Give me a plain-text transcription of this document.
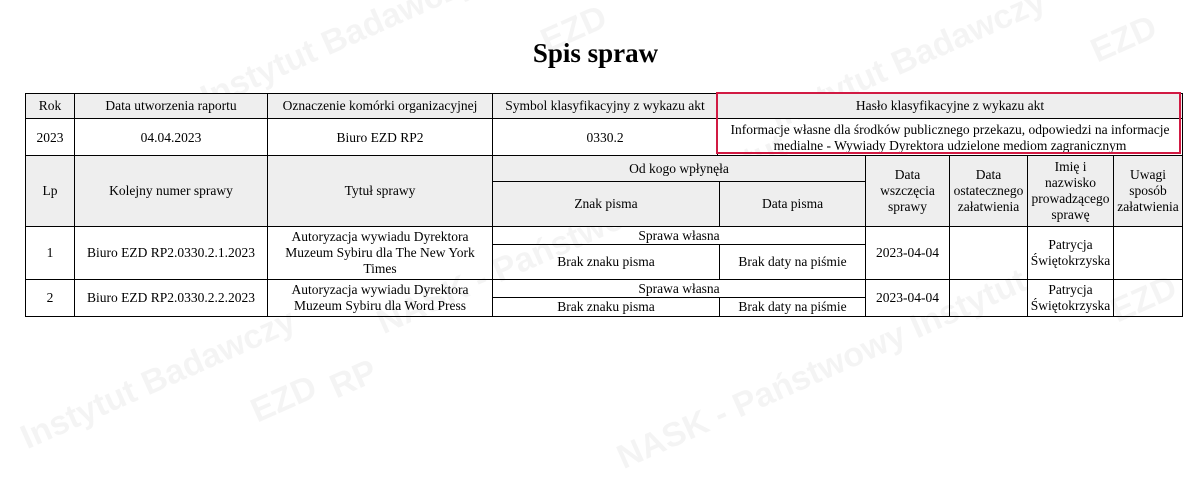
Spis spraw
Rok	Data utworzenia raportu	Oznaczenie komórki organizacyjnej	Symbol klasyfikacyjny z wykazu akt	Hasło klasyfikacyjne z wykazu akt
2023	04.04.2023	Biuro EZD RP2	0330.2	Informacje własne dla środków publicznego przekazu, odpowiedzi na informacje medialne - Wywiady Dyrektora udzielone mediom zagranicznym
Lp	Kolejny numer sprawy	Tytuł sprawy	Od kogo wpłynęła		Data wszczęcia sprawy	Data ostatecznego załatwienia	Imię i nazwisko prowadzącego sprawę	Uwagi sposób załatwienia
			Znak pisma	Data pisma				
1	Biuro EZD RP2.0330.2.1.2023	Autoryzacja wywiadu Dyrektora Muzeum Sybiru dla The New York Times	Sprawa własna		2023-04-04		Patrycja Świętokrzyska	
			Brak znaku pisma	Brak daty na piśmie				
2	Biuro EZD RP2.0330.2.2.2023	Autoryzacja wywiadu Dyrektora Muzeum Sybiru dla Word Press	Sprawa własna		2023-04-04		Patrycja Świętokrzyska	
			Brak znaku pisma	Brak daty na piśmie				
